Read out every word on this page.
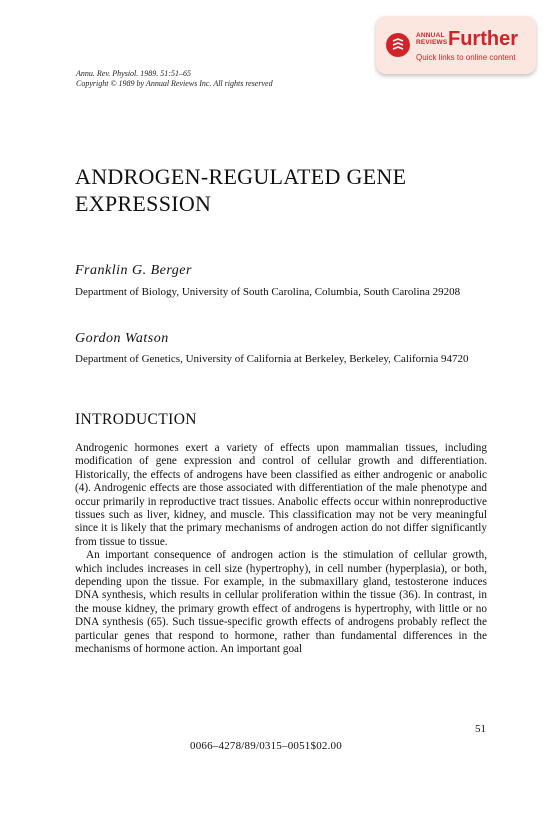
ANNUAL
REVIEWS Further
Quick links to online content
Annu. Rev. Physiol. 1989. 51:51–65
Copyright © 1989 by Annual Reviews Inc. All rights reserved
ANDROGEN-REGULATED GENE
EXPRESSION
Franklin G. Berger
Department of Biology, University of South Carolina, Columbia, South Carolina 29208
Gordon Watson
Department of Genetics, University of California at Berkeley, Berkeley, California 94720
INTRODUCTION

Androgenic hormones exert a variety of effects upon mammalian tissues, including modification of gene expression and control of cellular growth and differentiation. Historically, the effects of androgens have been classified as either androgenic or anabolic (4). Androgenic effects are those associated with differentiation of the male phenotype and occur primarily in reproductive tract tissues. Anabolic effects occur within nonreproductive tissues such as liver, kidney, and muscle. This classification may not be very meaningful since it is likely that the primary mechanisms of androgen action do not differ significantly from tissue to tissue.

An important consequence of androgen action is the stimulation of cellular growth, which includes increases in cell size (hypertrophy), in cell number (hyperplasia), or both, depending upon the tissue. For example, in the submaxillary gland, testosterone induces DNA synthesis, which results in cellular proliferation within the tissue (36). In contrast, in the mouse kidney, the primary growth effect of androgens is hypertrophy, with little or no DNA synthesis (65). Such tissue-specific growth effects of androgens probably reflect the particular genes that respond to hormone, rather than fundamental differences in the mechanisms of hormone action. An important goal

51
0066–4278/89/0315–0051$02.00
